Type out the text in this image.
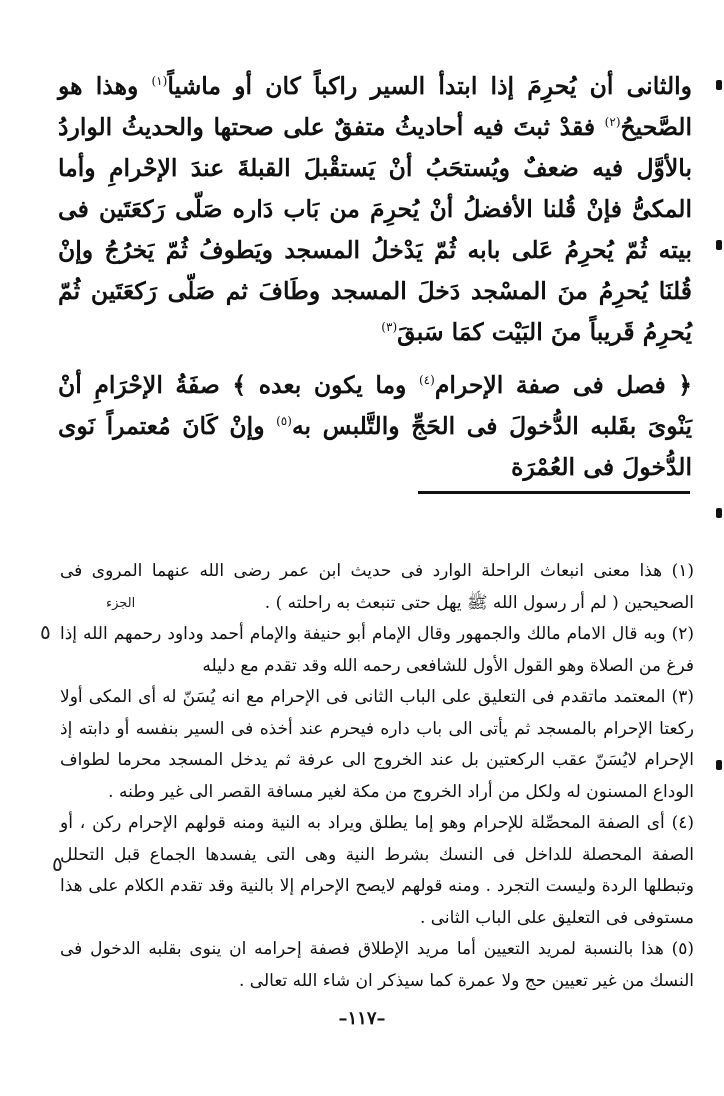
والثانى أن يُحرِمَ إذا ابتدأ السير راكباً كان أو ماشياً$^{(١)}$ وهذا هو الصَّحيحُ$^{(٢)}$ فقدْ ثبتَ فيه أحاديثُ متفقٌ على صحتها والحديثُ الواردُ بالأوَّل فيه ضعفٌ ويُستحَبُ أنْ يَستقْبلَ القبلةَ عندَ الإحْرامِ وأما المكىُّ فإنْ قُلنا الأفضلُ أنْ يُحرِمَ من بَاب دَاره صَلّى رَكعَتَين فى بيته ثُمّ يُحرِمُ عَلى بابه ثُمّ يَدْخلُ المسجد ويَطوفُ ثُمّ يَخرُجُ وإنْ قُلنَا يُحرِمُ منَ المسْجد دَخلَ المسجد وطَافَ ثم صَلّى رَكعَتَين ثُمّ يُحرِمُ قَريباً منَ البَيْت كمَا سَبقَ$^{(٣)}$

﴿ فصل فى صفة الإحرام$^{(٤)}$ وما يكون بعده ﴾ صفَةُ الإحْرَامِ أنْ يَنْوىَ بقَلبه الدُّخولَ فى الحَجِّ والتَّلبس به$^{(٥)}$ وإنْ كَانَ مُعتمراً نَوى الدُّخولَ فى العُمْرَة

(١) هذا معنى انبعاث الراحلة الوارد فى حديث ابن عمر رضى الله عنهما المروى فى الصحيحين ( لم أر رسول الله ﷺ يهل حتى تنبعث به راحلته ) .

(٢) وبه قال الامام مالك والجمهور وقال الإمام أبو حنيفة والإمام أحمد وداود رحمهم الله إذا فرغ من الصلاة وهو القول الأول للشافعى رحمه الله وقد تقدم مع دليله

(٣) المعتمد ماتقدم فى التعليق على الباب الثانى فى الإحرام مع انه يُسَنّ له أى المكى أولا ركعتا الإحرام بالمسجد ثم يأتى الى باب داره فيحرم عند أخذه فى السير بنفسه أو دابته إذ الإحرام لايُسَنّ عقب الركعتين بل عند الخروج الى عرفة ثم يدخل المسجد محرما لطواف الوداع المسنون له ولكل من أراد الخروج من مكة لغير مسافة القصر الى غير وطنه .

(٤) أى الصفة المحصِّلة للإحرام وهو إما يطلق ويراد به النية ومنه قولهم الإحرام ركن ، أو الصفة المحصلة للداخل فى النسك بشرط النية وهى التى يفسدها الجماع قبل التحلل وتبطلها الردة وليست التجرد . ومنه قولهم لايصح الإحرام إلا بالنية وقد تقدم الكلام على هذا مستوفى فى التعليق على الباب الثانى .

(٥) هذا بالنسبة لمريد التعيين أما مريد الإطلاق فصفة إحرامه ان ينوى بقلبه الدخول فى النسك من غير تعيين حج ولا عمرة كما سيذكر ان شاء الله تعالى .

–١١٧–
٥
٥
الجزء
